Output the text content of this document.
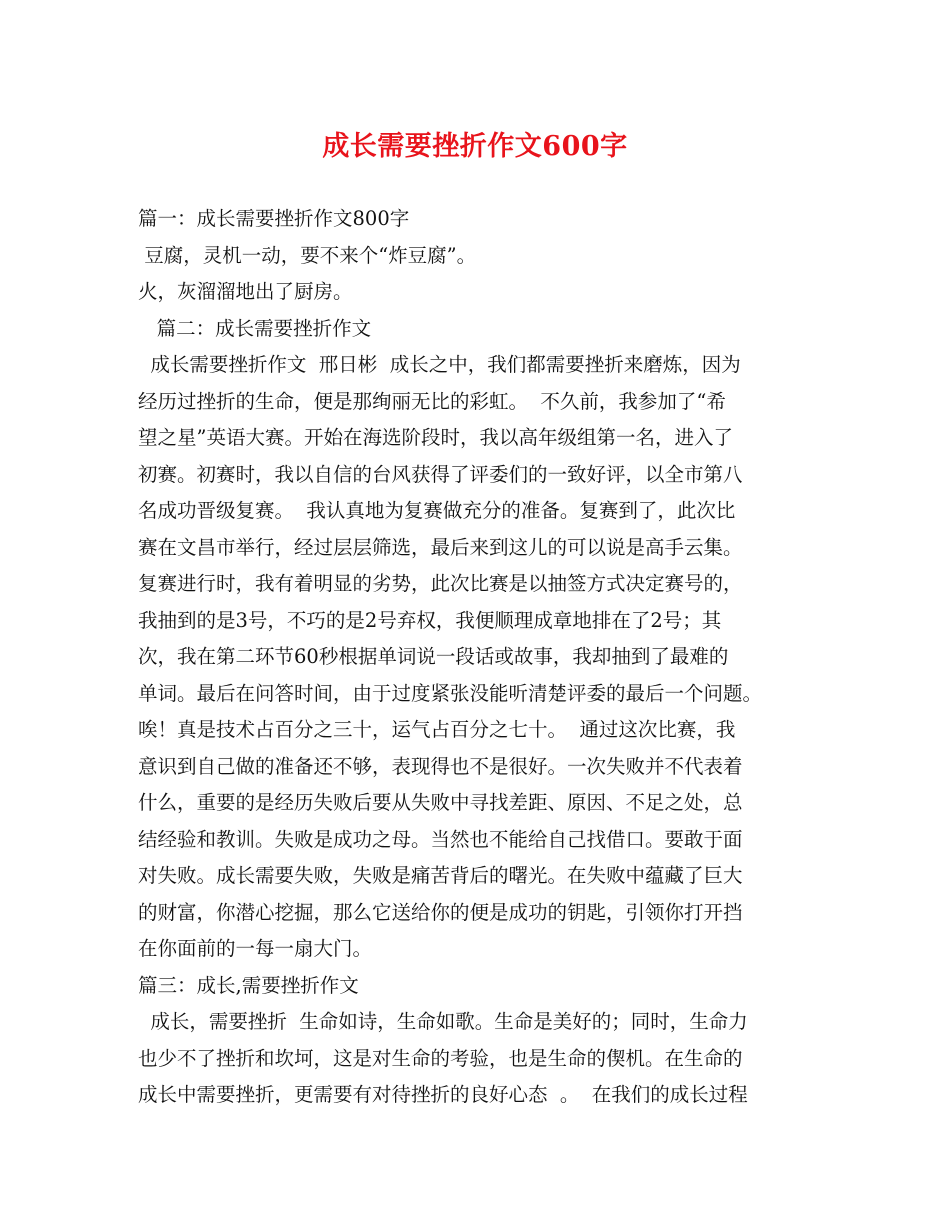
成长需要挫折作文600字
篇一：成长需要挫折作文800字
豆腐，灵机一动，要不来个“炸豆腐”。
火，灰溜溜地出了厨房。
篇二：成长需要挫折作文
成长需要挫折作文  邢日彬  成长之中，我们都需要挫折来磨炼，因为
经历过挫折的生命，便是那绚丽无比的彩虹。  不久前，我参加了“希
望之星”英语大赛。开始在海选阶段时，我以高年级组第一名，进入了
初赛。初赛时，我以自信的台风获得了评委们的一致好评，以全市第八
名成功晋级复赛。  我认真地为复赛做充分的准备。复赛到了，此次比
赛在文昌市举行，经过层层筛选，最后来到这儿的可以说是高手云集。
复赛进行时，我有着明显的劣势，此次比赛是以抽签方式决定赛号的，
我抽到的是3号，不巧的是2号弃权，我便顺理成章地排在了2号；其
次，我在第二环节60秒根据单词说一段话或故事，我却抽到了最难的
单词。最后在问答时间，由于过度紧张没能听清楚评委的最后一个问题。
唉！真是技术占百分之三十，运气占百分之七十。  通过这次比赛，我
意识到自己做的准备还不够，表现得也不是很好。一次失败并不代表着
什么，重要的是经历失败后要从失败中寻找差距、原因、不足之处，总
结经验和教训。失败是成功之母。当然也不能给自己找借口。要敢于面
对失败。成长需要失败，失败是痛苦背后的曙光。在失败中蕴藏了巨大
的财富，你潜心挖掘，那么它送给你的便是成功的钥匙，引领你打开挡
在你面前的一每一扇大门。
篇三：成长,需要挫折作文
成长，需要挫折  生命如诗，生命如歌。生命是美好的；同时，生命力
也少不了挫折和坎坷，这是对生命的考验，也是生命的偰机。在生命的
成长中需要挫折，更需要有对待挫折的良好心态  。  在我们的成长过程
